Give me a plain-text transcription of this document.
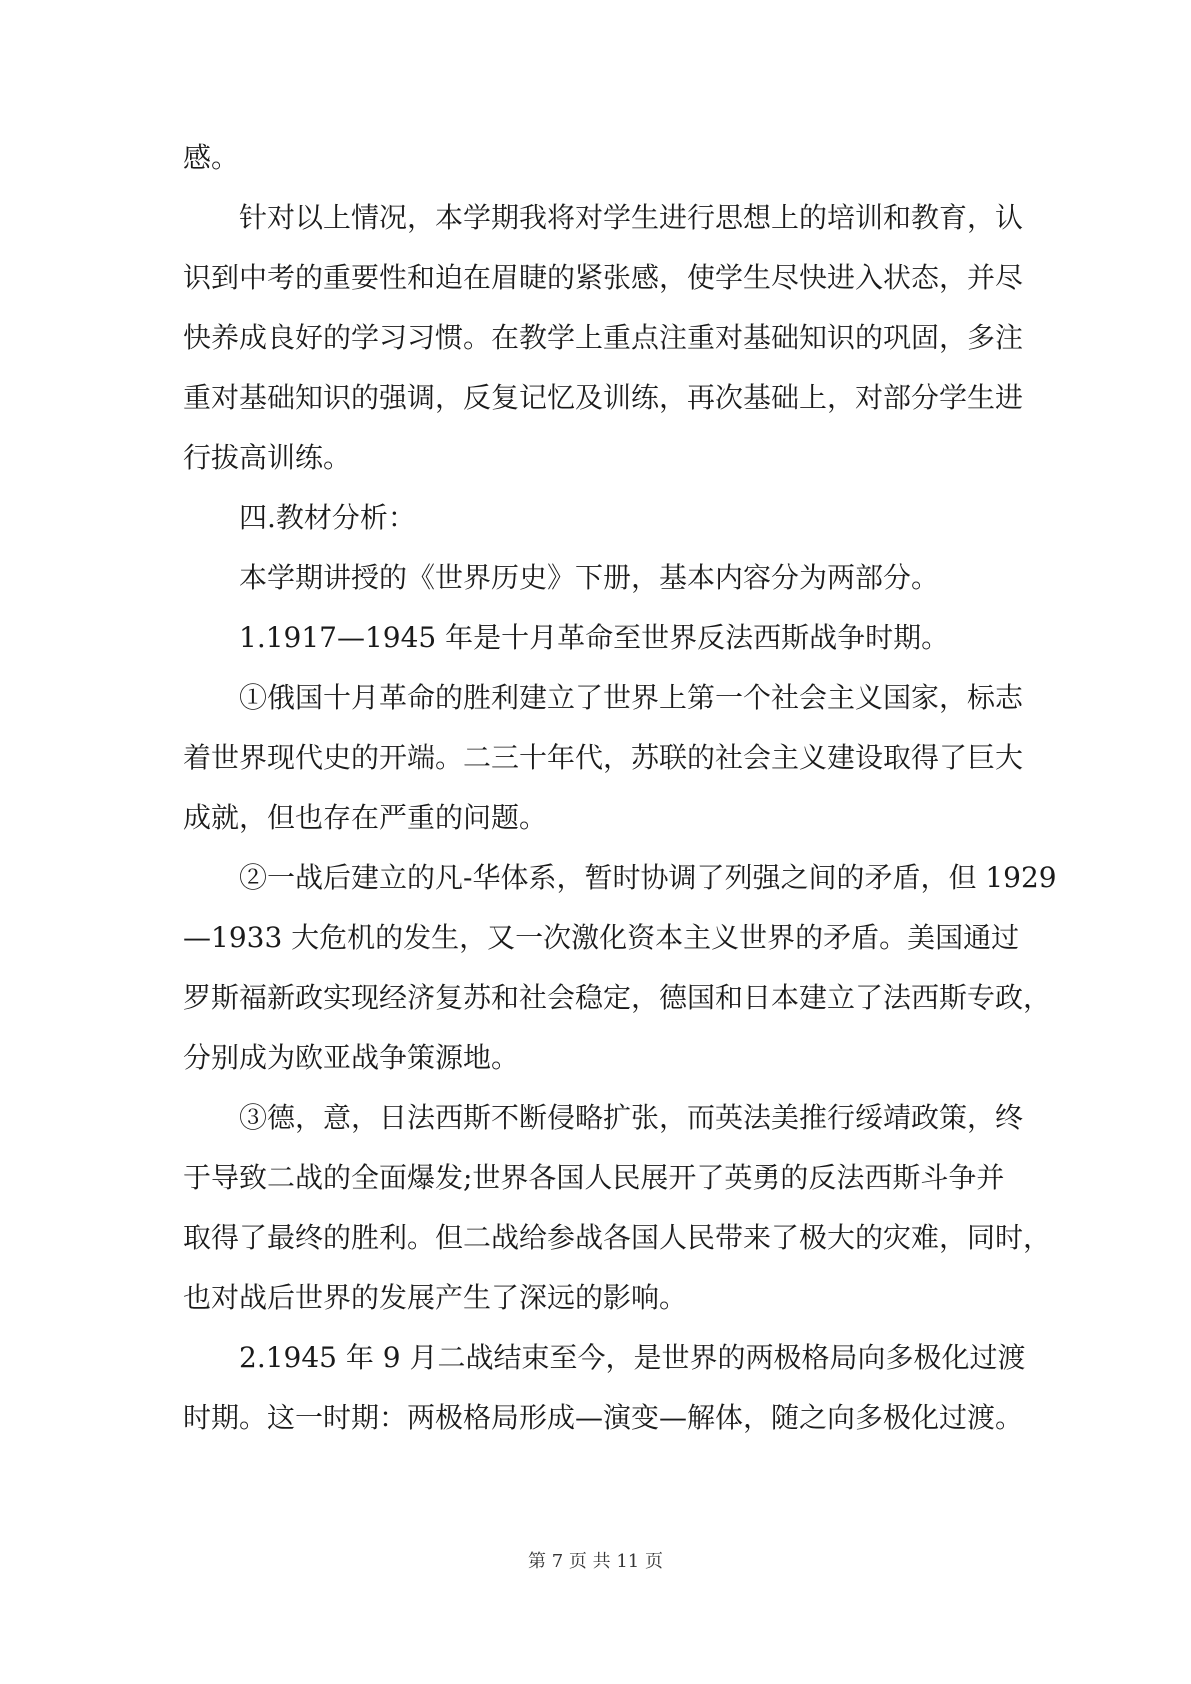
感。
针对以上情况，本学期我将对学生进行思想上的培训和教育，认
识到中考的重要性和迫在眉睫的紧张感，使学生尽快进入状态，并尽
快养成良好的学习习惯。在教学上重点注重对基础知识的巩固，多注
重对基础知识的强调，反复记忆及训练，再次基础上，对部分学生进
行拔高训练。
四.教材分析：
本学期讲授的《世界历史》下册，基本内容分为两部分。
1.1917—1945 年是十月革命至世界反法西斯战争时期。
①俄国十月革命的胜利建立了世界上第一个社会主义国家，标志
着世界现代史的开端。二三十年代，苏联的社会主义建设取得了巨大
成就，但也存在严重的问题。
②一战后建立的凡-华体系，暂时协调了列强之间的矛盾，但 1929
—1933 大危机的发生，又一次激化资本主义世界的矛盾。美国通过
罗斯福新政实现经济复苏和社会稳定，德国和日本建立了法西斯专政，
分别成为欧亚战争策源地。
③德，意，日法西斯不断侵略扩张，而英法美推行绥靖政策，终
于导致二战的全面爆发;世界各国人民展开了英勇的反法西斯斗争并
取得了最终的胜利。但二战给参战各国人民带来了极大的灾难，同时，
也对战后世界的发展产生了深远的影响。
2.1945 年 9 月二战结束至今，是世界的两极格局向多极化过渡
时期。这一时期：两极格局形成—演变—解体，随之向多极化过渡。
第 7 页 共 11 页
